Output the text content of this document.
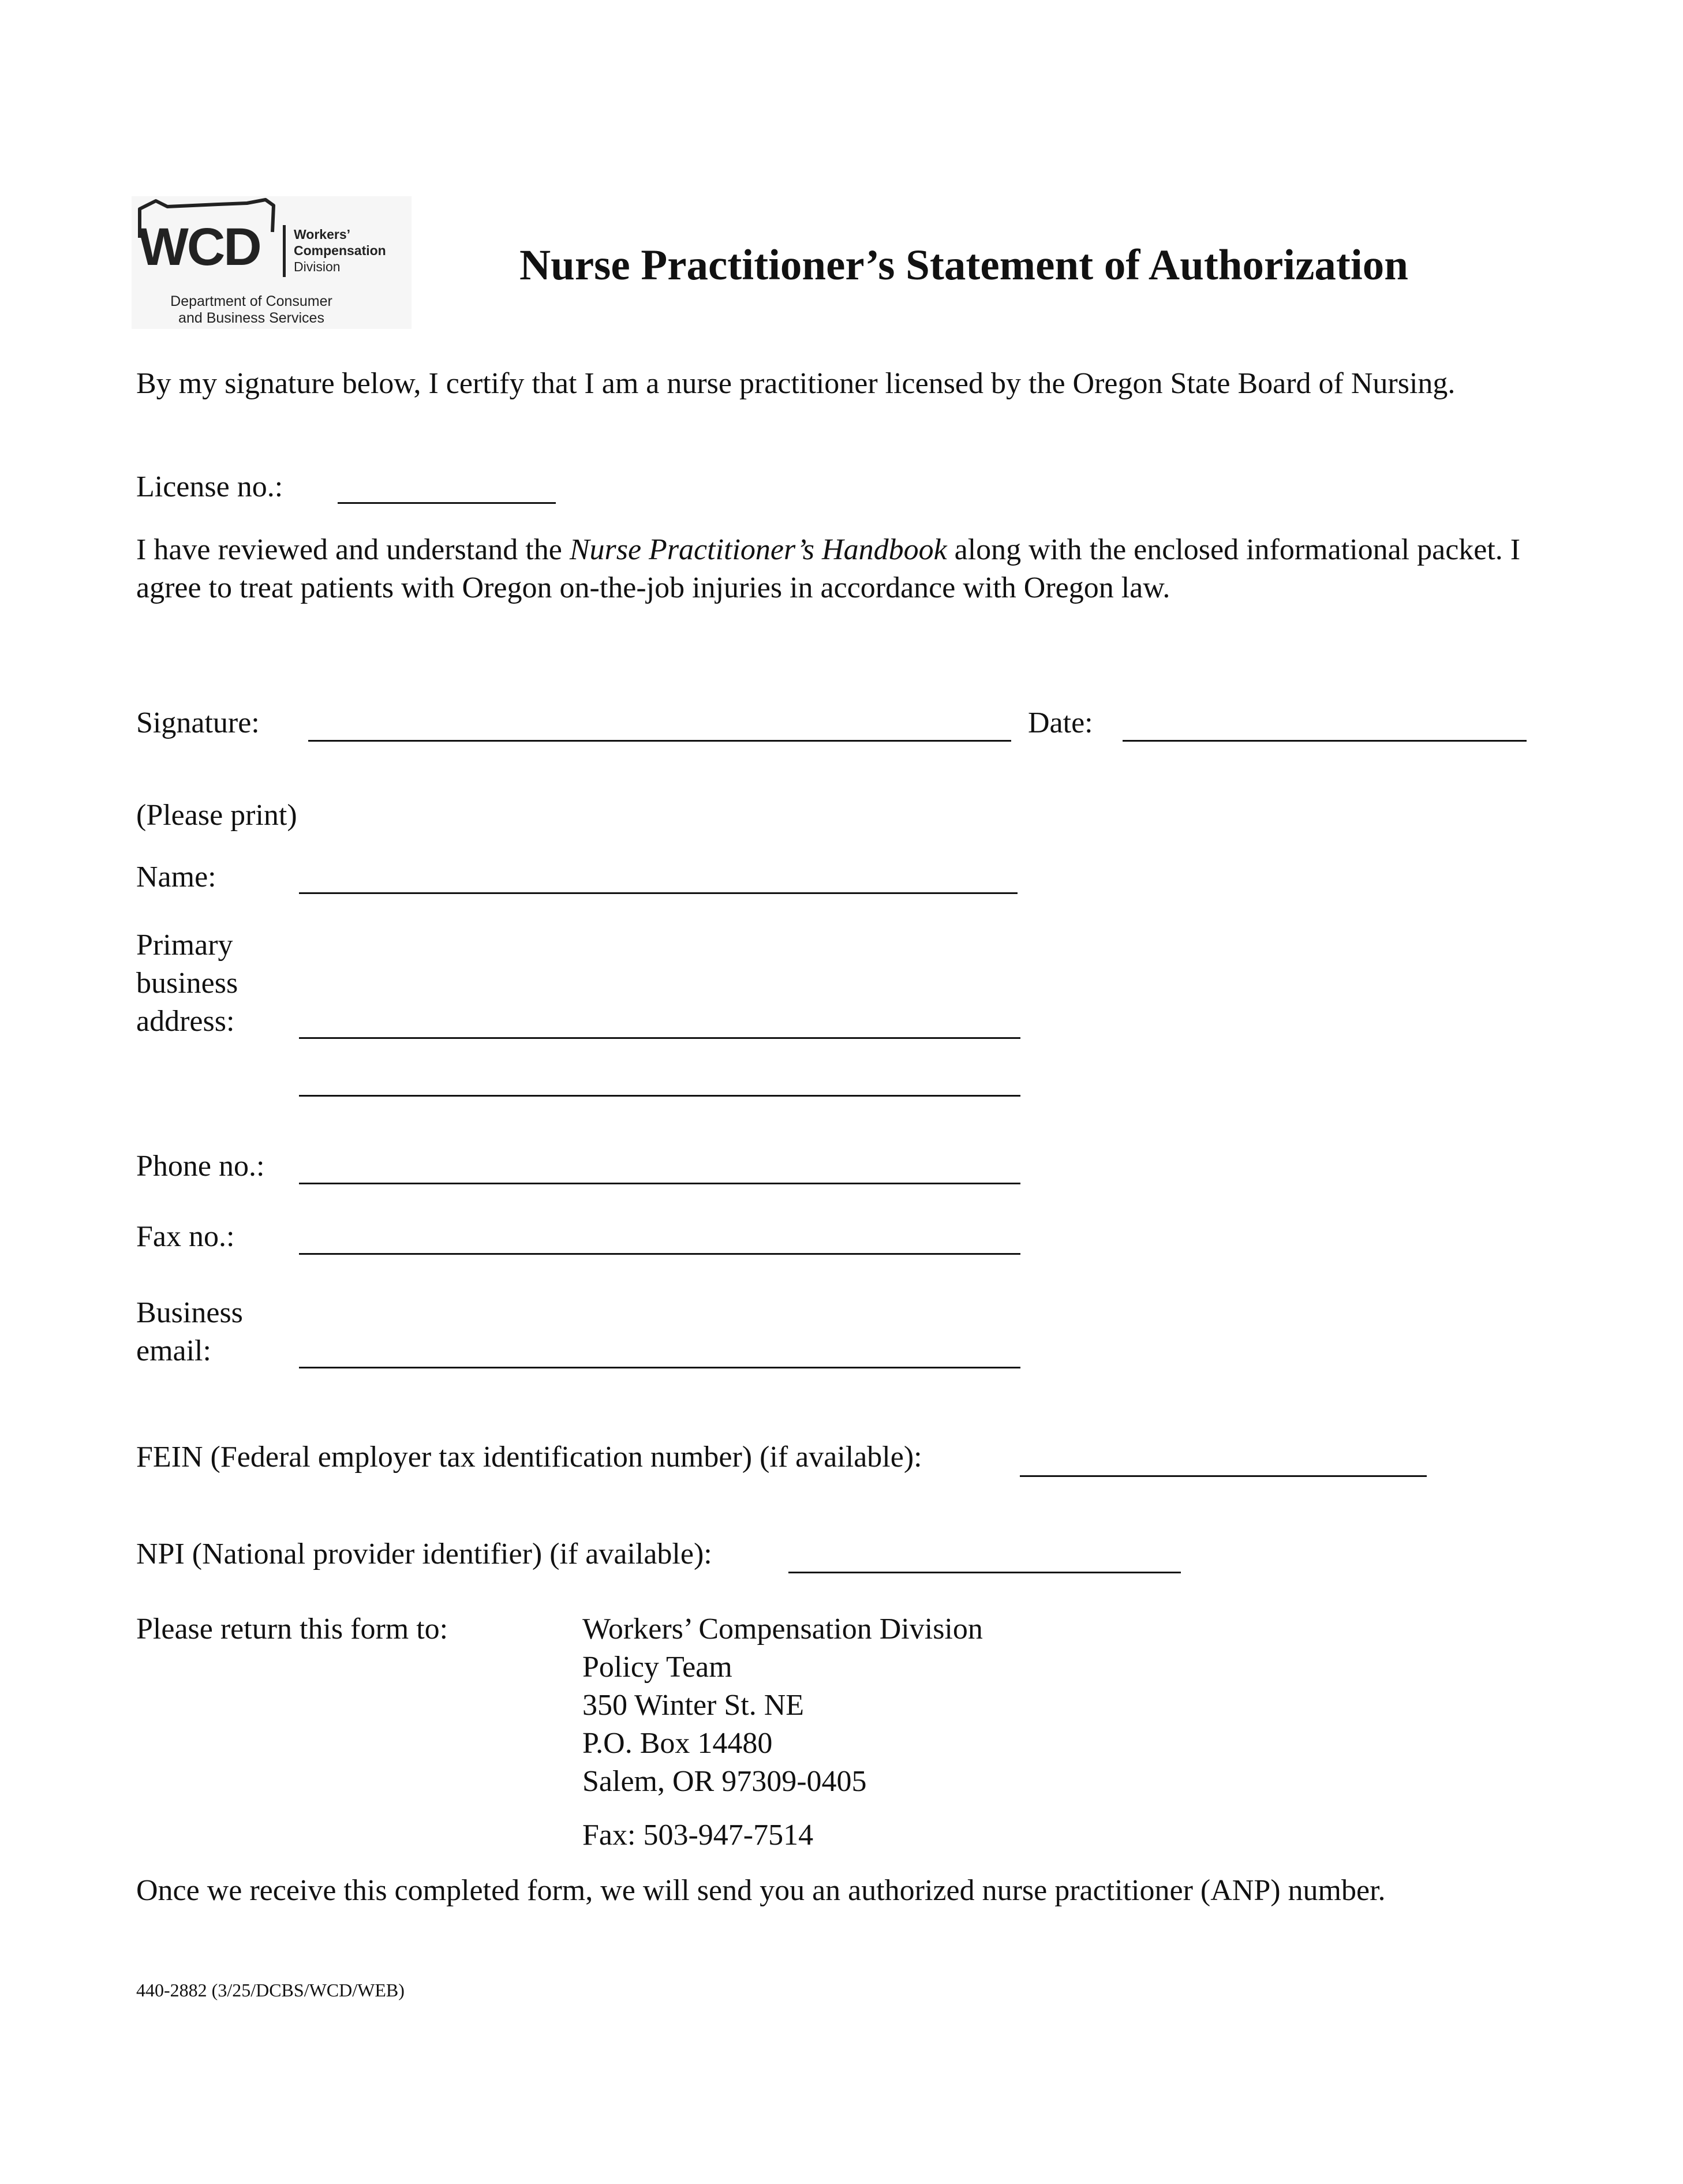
WCD	Workers’
Compensation
Division
Department of Consumer
and Business Services
Nurse Practitioner’s Statement of Authorization
By my signature below, I certify that I am a nurse practitioner licensed by the Oregon State Board of Nursing.
License no.:
I have reviewed and understand the Nurse Practitioner’s Handbook along with the enclosed informational packet. I agree to treat patients with Oregon on-the-job injuries in accordance with Oregon law.
Signature:	Date:
(Please print)
Name:
Primary
business
address:
Phone no.:
Fax no.:
Business
email:
FEIN (Federal employer tax identification number) (if available):
NPI (National provider identifier) (if available):
Please return this form to:	Workers’ Compensation Division
Policy Team
350 Winter St. NE
P.O. Box 14480
Salem, OR 97309-0405
Fax: 503-947-7514
Once we receive this completed form, we will send you an authorized nurse practitioner (ANP) number.
440-2882 (3/25/DCBS/WCD/WEB)
